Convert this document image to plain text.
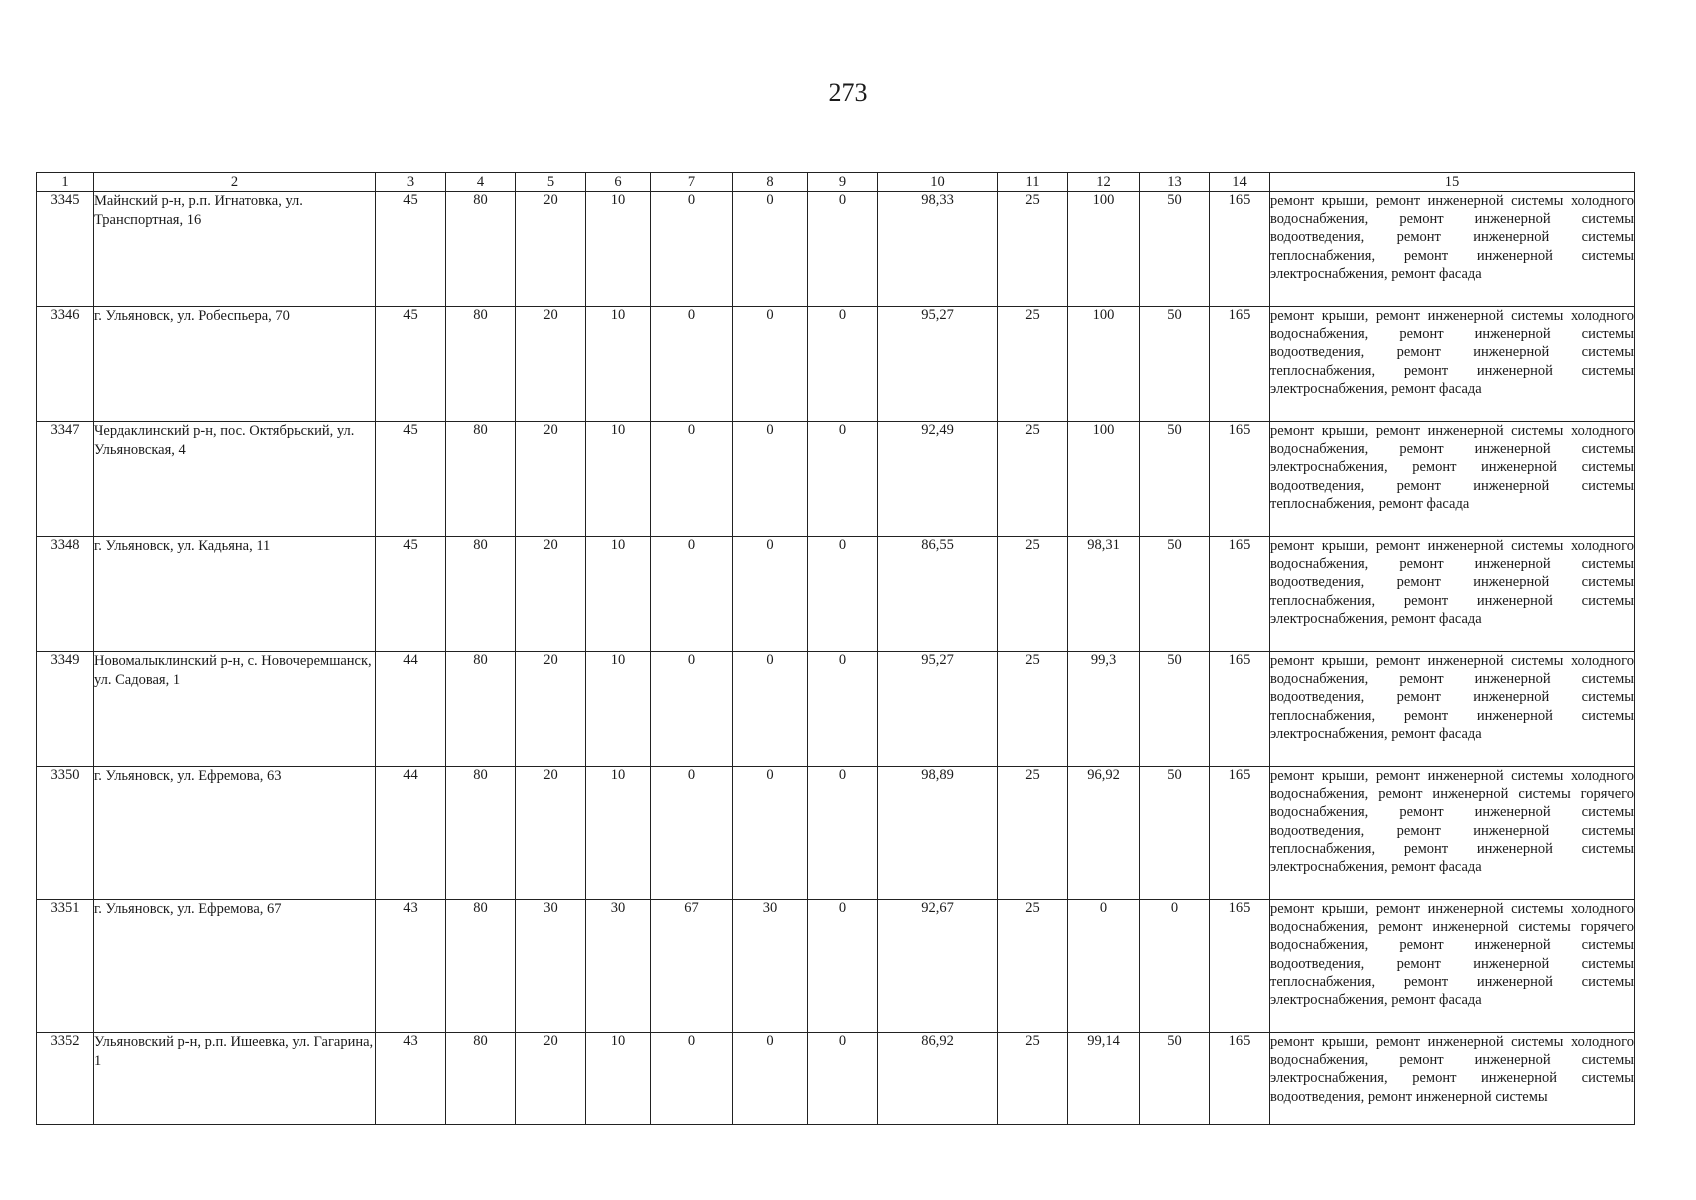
273
1	2	3	4	5	6	7	8	9	10	11	12	13	14	15
3345	Майнский р-н, р.п. Игнатовка, ул. Транспортная, 16	45	80	20	10	0	0	0	98,33	25	100	50	165	ремонт крыши, ремонт инженерной системы холодного водоснабжения, ремонт инженерной системы водоотведения, ремонт инженерной системы теплоснабжения, ремонт инженерной системы электроснабжения, ремонт фасада
3346	г. Ульяновск, ул. Робеспьера, 70	45	80	20	10	0	0	0	95,27	25	100	50	165	ремонт крыши, ремонт инженерной системы холодного водоснабжения, ремонт инженерной системы водоотведения, ремонт инженерной системы теплоснабжения, ремонт инженерной системы электроснабжения, ремонт фасада
3347	Чердаклинский р-н, пос. Октябрьский, ул. Ульяновская, 4	45	80	20	10	0	0	0	92,49	25	100	50	165	ремонт крыши, ремонт инженерной системы холодного водоснабжения, ремонт инженерной системы электроснабжения, ремонт инженерной системы водоотведения, ремонт инженерной системы теплоснабжения, ремонт фасада
3348	г. Ульяновск, ул. Кадьяна, 11	45	80	20	10	0	0	0	86,55	25	98,31	50	165	ремонт крыши, ремонт инженерной системы холодного водоснабжения, ремонт инженерной системы водоотведения, ремонт инженерной системы теплоснабжения, ремонт инженерной системы электроснабжения, ремонт фасада
3349	Новомалыклинский р-н, с. Новочеремшанск, ул. Садовая, 1	44	80	20	10	0	0	0	95,27	25	99,3	50	165	ремонт крыши, ремонт инженерной системы холодного водоснабжения, ремонт инженерной системы водоотведения, ремонт инженерной системы теплоснабжения, ремонт инженерной системы электроснабжения, ремонт фасада
3350	г. Ульяновск, ул. Ефремова, 63	44	80	20	10	0	0	0	98,89	25	96,92	50	165	ремонт крыши, ремонт инженерной системы холодного водоснабжения, ремонт инженерной системы горячего водоснабжения, ремонт инженерной системы водоотведения, ремонт инженерной системы теплоснабжения, ремонт инженерной системы электроснабжения, ремонт фасада
3351	г. Ульяновск, ул. Ефремова, 67	43	80	30	30	67	30	0	92,67	25	0	0	165	ремонт крыши, ремонт инженерной системы холодного водоснабжения, ремонт инженерной системы горячего водоснабжения, ремонт инженерной системы водоотведения, ремонт инженерной системы теплоснабжения, ремонт инженерной системы электроснабжения, ремонт фасада
3352	Ульяновский р-н, р.п. Ишеевка, ул. Гагарина, 1	43	80	20	10	0	0	0	86,92	25	99,14	50	165	ремонт крыши, ремонт инженерной системы холодного водоснабжения, ремонт инженерной системы электроснабжения, ремонт инженерной системы водоотведения, ремонт инженерной системы
